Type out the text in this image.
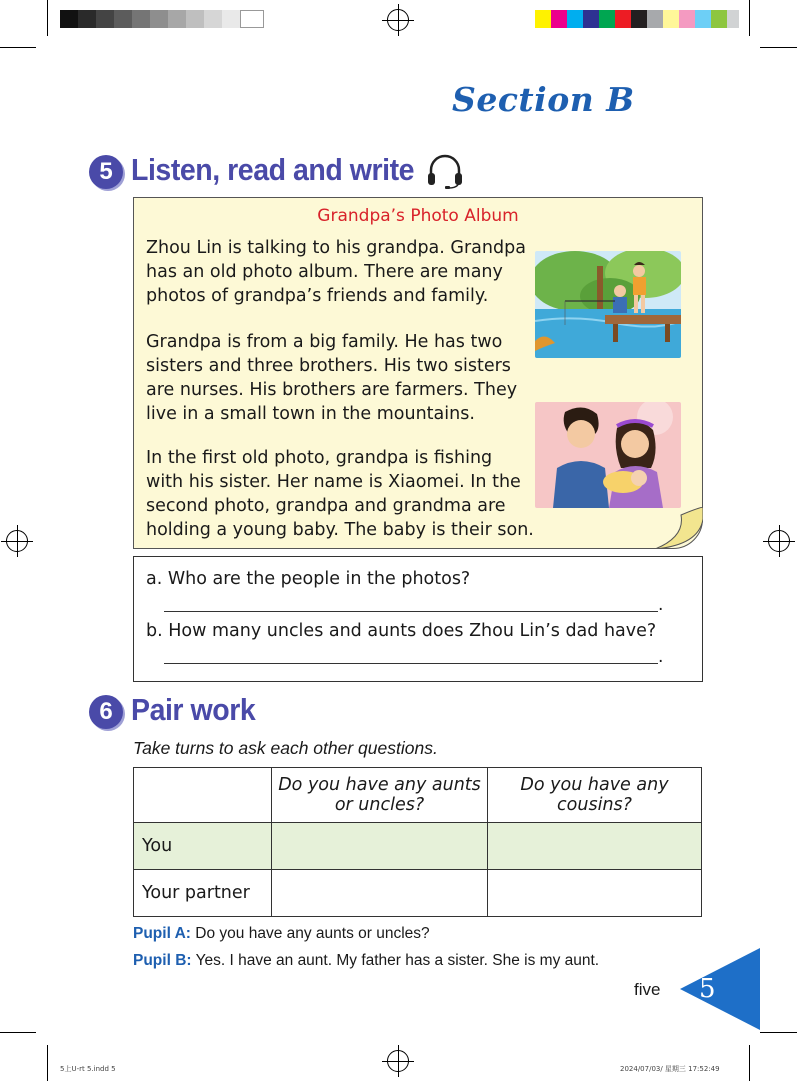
Section B
5 Listen, read and write
Grandpa’s Photo Album
Zhou Lin is talking to his grandpa. Grandpa
has an old photo album. There are many
photos of grandpa’s friends and family.
Grandpa is from a big family. He has two
sisters and three brothers. His two sisters
are nurses. His brothers are farmers. They
live in a small town in the mountains.
In the first old photo, grandpa is fishing
with his sister. Her name is Xiaomei. In the
second photo, grandpa and grandma are
holding a young baby. The baby is their son.
a. Who are the people in the photos?
.
b. How many uncles and aunts does Zhou Lin’s dad have?
.
6 Pair work
Take turns to ask each other questions.
	Do you have any aunts or uncles?	Do you have any cousins?
You		
Your partner		
Pupil A: Do you have any aunts or uncles?
Pupil B: Yes. I have an aunt. My father has a sister. She is my aunt.
five 5
5上U-rt 5.indd 5	2024/07/03/ 星期三 17:52:49
